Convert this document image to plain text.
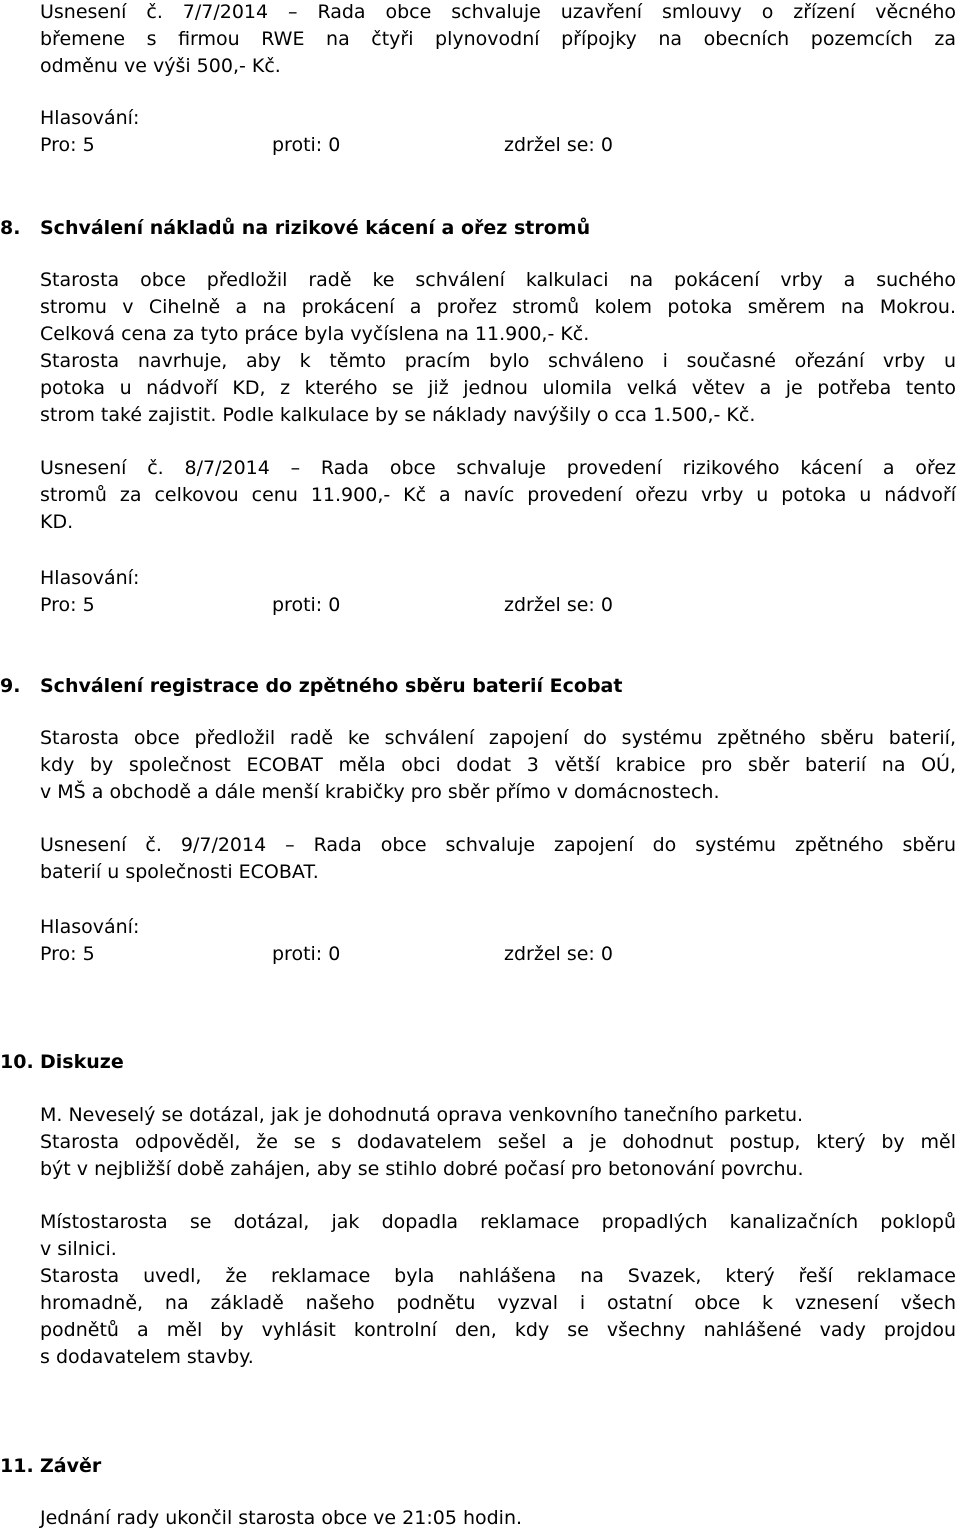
Usnesení č. 7/7/2014 – Rada obce schvaluje uzavření smlouvy o zřízení věcného
břemene s firmou RWE na čtyři plynovodní přípojky na obecních pozemcích za
odměnu ve výši 500,- Kč.
Hlasování:
Pro: 5	proti: 0	zdržel se: 0
8. Schválení nákladů na rizikové kácení a ořez stromů
Starosta obce předložil radě ke schválení kalkulaci na pokácení vrby a suchého
stromu v Cihelně a na prokácení a prořez stromů kolem potoka směrem na Mokrou.
Celková cena za tyto práce byla vyčíslena na 11.900,- Kč.
Starosta navrhuje, aby k těmto pracím bylo schváleno i současné ořezání vrby u
potoka u nádvoří KD, z kterého se již jednou ulomila velká větev a je potřeba tento
strom také zajistit. Podle kalkulace by se náklady navýšily o cca 1.500,- Kč.
Usnesení č. 8/7/2014 – Rada obce schvaluje provedení rizikového kácení a ořez
stromů za celkovou cenu 11.900,- Kč a navíc provedení ořezu vrby u potoka u nádvoří
KD.
Hlasování:
Pro: 5	proti: 0	zdržel se: 0
9. Schválení registrace do zpětného sběru baterií Ecobat
Starosta obce předložil radě ke schválení zapojení do systému zpětného sběru baterií,
kdy by společnost ECOBAT měla obci dodat 3 větší krabice pro sběr baterií na OÚ,
v MŠ a obchodě a dále menší krabičky pro sběr přímo v domácnostech.
Usnesení č. 9/7/2014 – Rada obce schvaluje zapojení do systému zpětného sběru
baterií u společnosti ECOBAT.
Hlasování:
Pro: 5	proti: 0	zdržel se: 0
10. Diskuze
M. Neveselý se dotázal, jak je dohodnutá oprava venkovního tanečního parketu.
Starosta odpověděl, že se s dodavatelem sešel a je dohodnut postup, který by měl
být v nejbližší době zahájen, aby se stihlo dobré počasí pro betonování povrchu.
Místostarosta se dotázal, jak dopadla reklamace propadlých kanalizačních poklopů
v silnici.
Starosta uvedl, že reklamace byla nahlášena na Svazek, který řeší reklamace
hromadně, na základě našeho podnětu vyzval i ostatní obce k vznesení všech
podnětů a měl by vyhlásit kontrolní den, kdy se všechny nahlášené vady projdou
s dodavatelem stavby.
11. Závěr
Jednání rady ukončil starosta obce ve 21:05 hodin.
